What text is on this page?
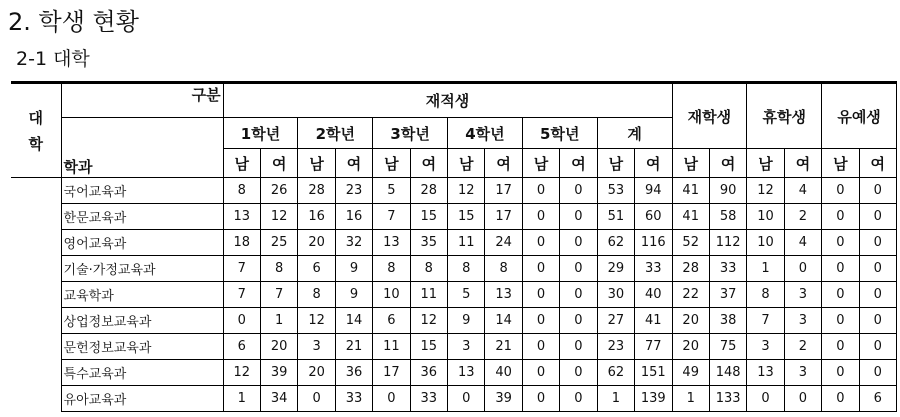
2. 학생 현황
2-1 대학
대
학	구분	재적생												재학생		휴학생		유예생	
	학과	1학년		2학년		3학년		4학년		5학년		계							
		남	여	남	여	남	여	남	여	남	여	남	여	남	여	남	여	남	여
	국어교육과	8	26	28	23	5	28	12	17	0	0	53	94	41	90	12	4	0	0
	한문교육과	13	12	16	16	7	15	15	17	0	0	51	60	41	58	10	2	0	0
	영어교육과	18	25	20	32	13	35	11	24	0	0	62	116	52	112	10	4	0	0
	기술·가정교육과	7	8	6	9	8	8	8	8	0	0	29	33	28	33	1	0	0	0
	교육학과	7	7	8	9	10	11	5	13	0	0	30	40	22	37	8	3	0	0
	상업정보교육과	0	1	12	14	6	12	9	14	0	0	27	41	20	38	7	3	0	0
	문헌정보교육과	6	20	3	21	11	15	3	21	0	0	23	77	20	75	3	2	0	0
	특수교육과	12	39	20	36	17	36	13	40	0	0	62	151	49	148	13	3	0	0
	유아교육과	1	34	0	33	0	33	0	39	0	0	1	139	1	133	0	0	0	6
